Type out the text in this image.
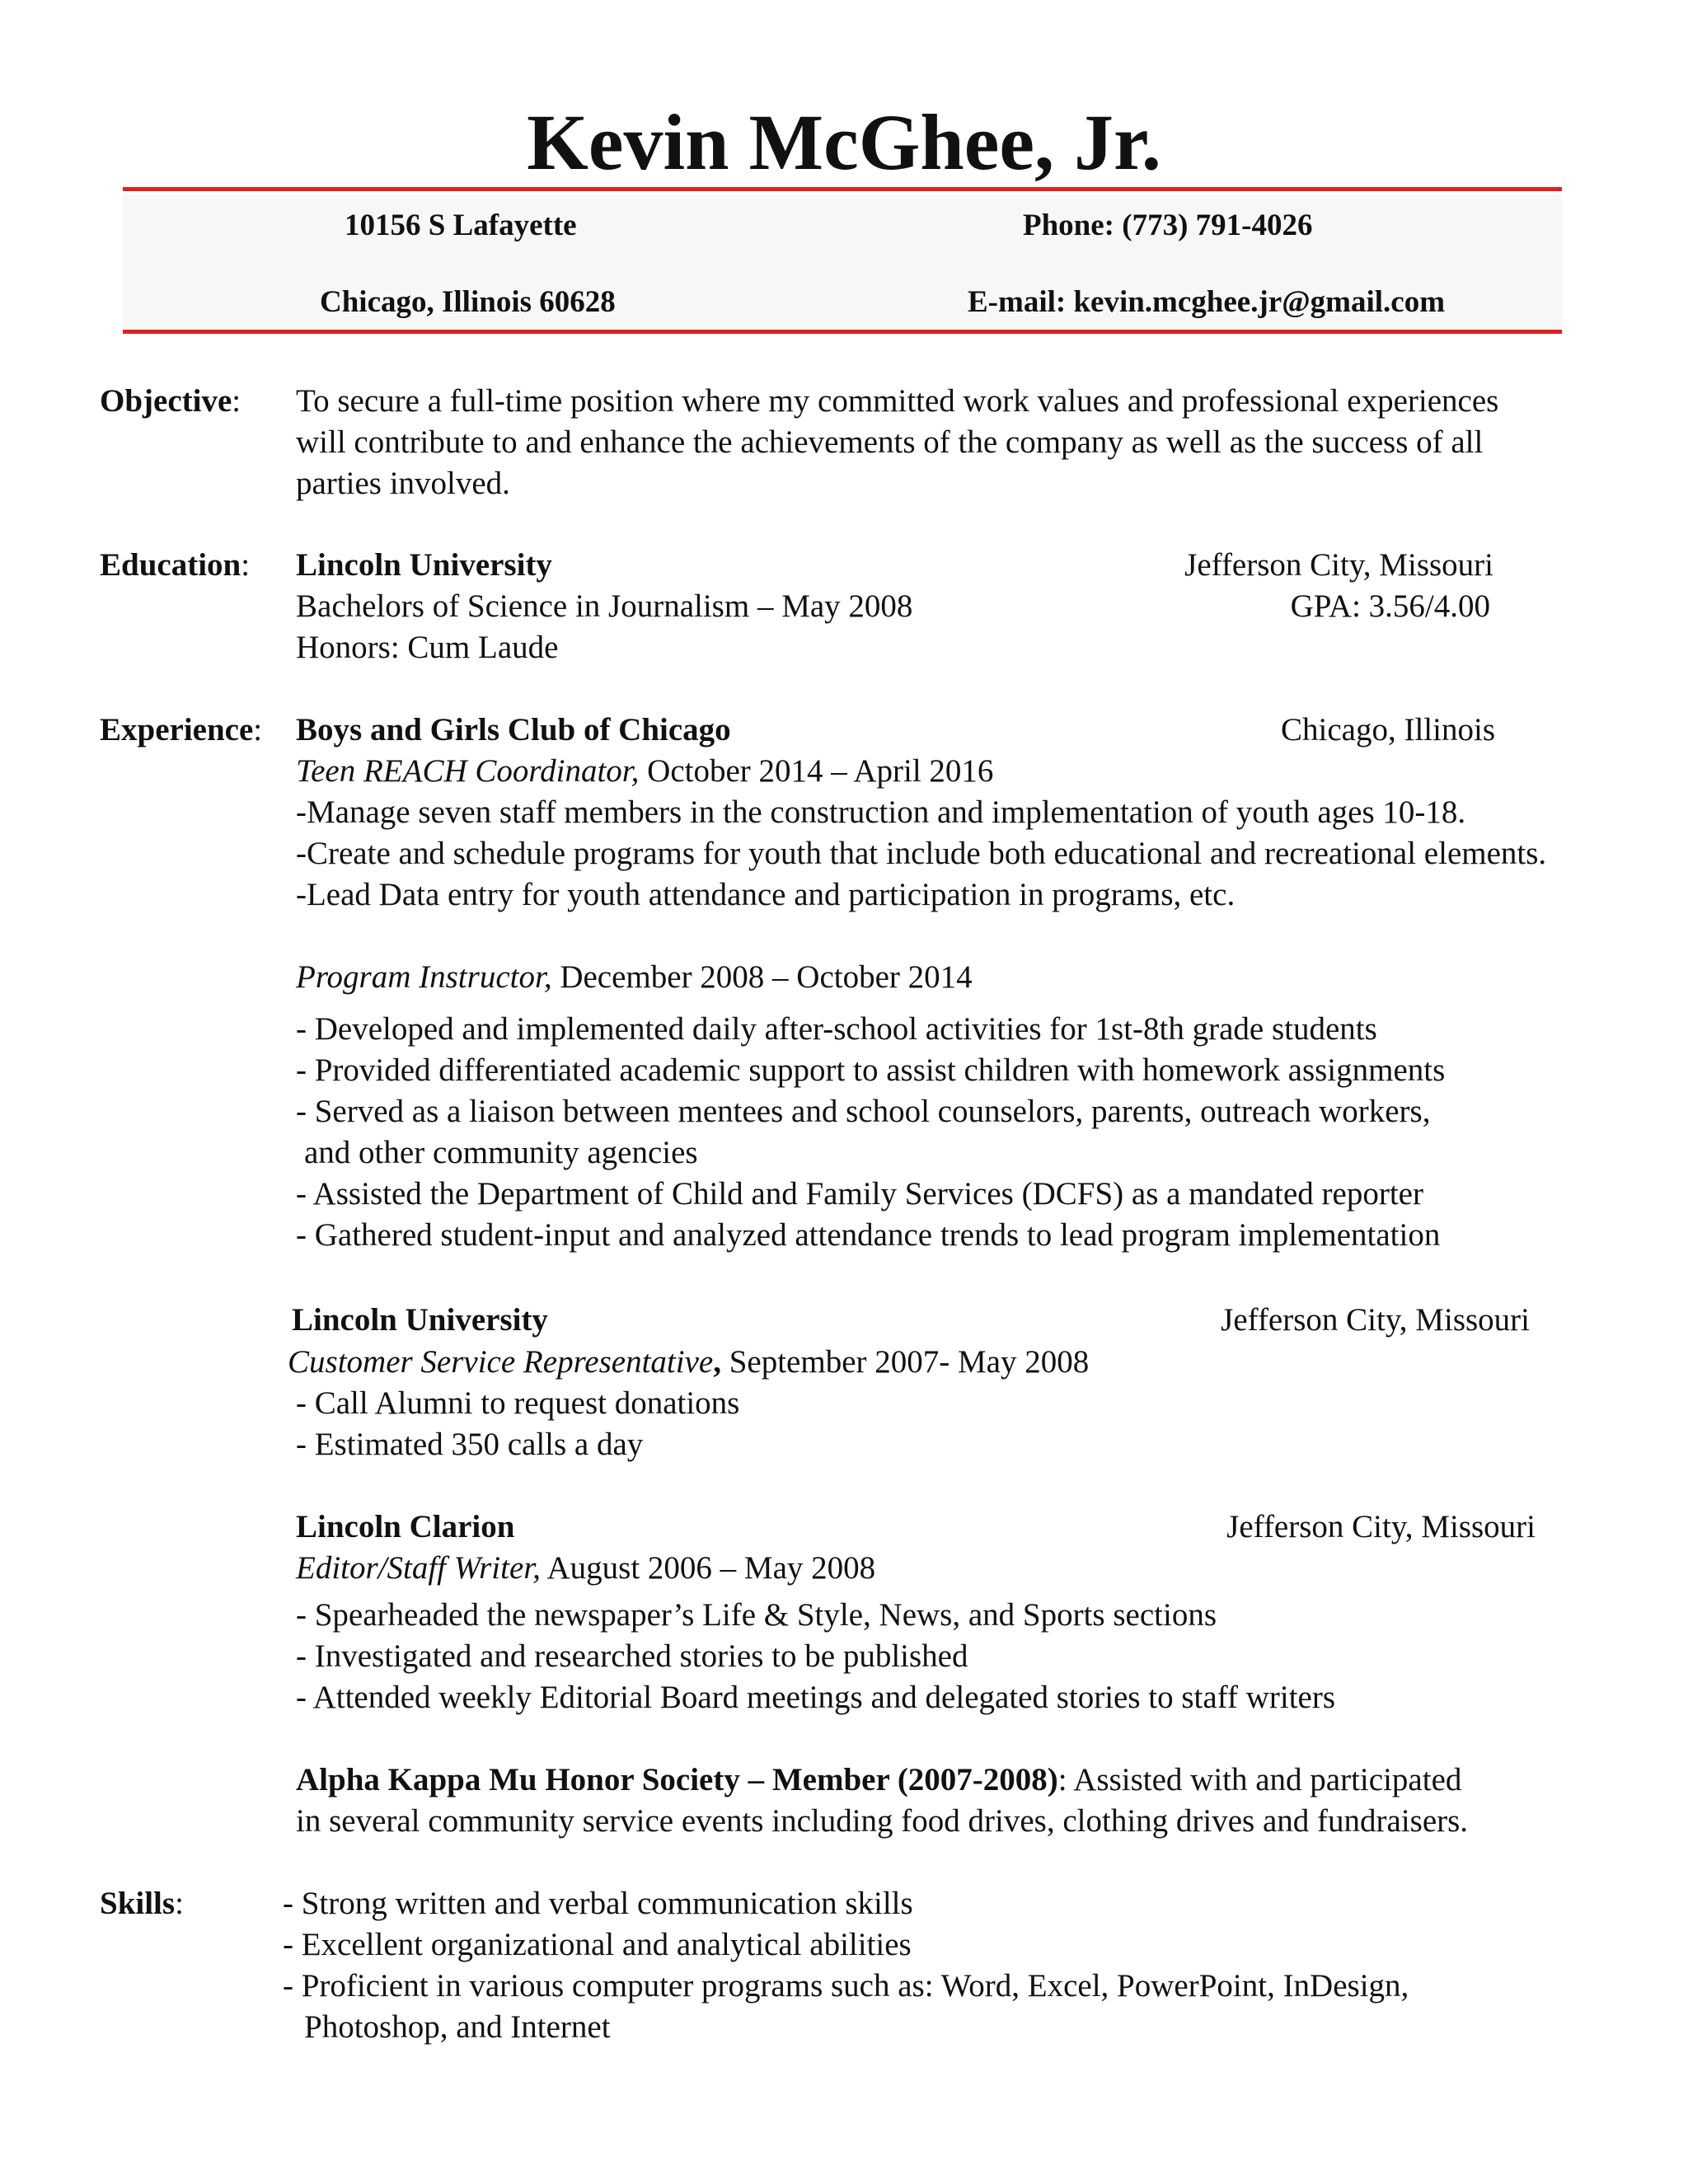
Kevin McGhee, Jr.
10156 S Lafayette	Phone: (773) 791-4026
Chicago, Illinois 60628	E-mail: kevin.mcghee.jr@gmail.com
Objective: To secure a full-time position where my committed work values and professional experiences
will contribute to and enhance the achievements of the company as well as the success of all
parties involved.
Education: Lincoln University	Jefferson City, Missouri
Bachelors of Science in Journalism – May 2008	GPA: 3.56/4.00
Honors: Cum Laude
Experience: Boys and Girls Club of Chicago	Chicago, Illinois
Teen REACH Coordinator, October 2014 – April 2016
-Manage seven staff members in the construction and implementation of youth ages 10-18.
-Create and schedule programs for youth that include both educational and recreational elements.
-Lead Data entry for youth attendance and participation in programs, etc.
Program Instructor, December 2008 – October 2014
- Developed and implemented daily after-school activities for 1st-8th grade students
- Provided differentiated academic support to assist children with homework assignments
- Served as a liaison between mentees and school counselors, parents, outreach workers,
and other community agencies
- Assisted the Department of Child and Family Services (DCFS) as a mandated reporter
- Gathered student-input and analyzed attendance trends to lead program implementation
Lincoln University	Jefferson City, Missouri
Customer Service Representative, September 2007- May 2008
- Call Alumni to request donations
- Estimated 350 calls a day
Lincoln Clarion	Jefferson City, Missouri
Editor/Staff Writer, August 2006 – May 2008
- Spearheaded the newspaper’s Life & Style, News, and Sports sections
- Investigated and researched stories to be published
- Attended weekly Editorial Board meetings and delegated stories to staff writers
Alpha Kappa Mu Honor Society – Member (2007-2008): Assisted with and participated
in several community service events including food drives, clothing drives and fundraisers.
Skills:	- Strong written and verbal communication skills
- Excellent organizational and analytical abilities
- Proficient in various computer programs such as: Word, Excel, PowerPoint, InDesign,
Photoshop, and Internet
